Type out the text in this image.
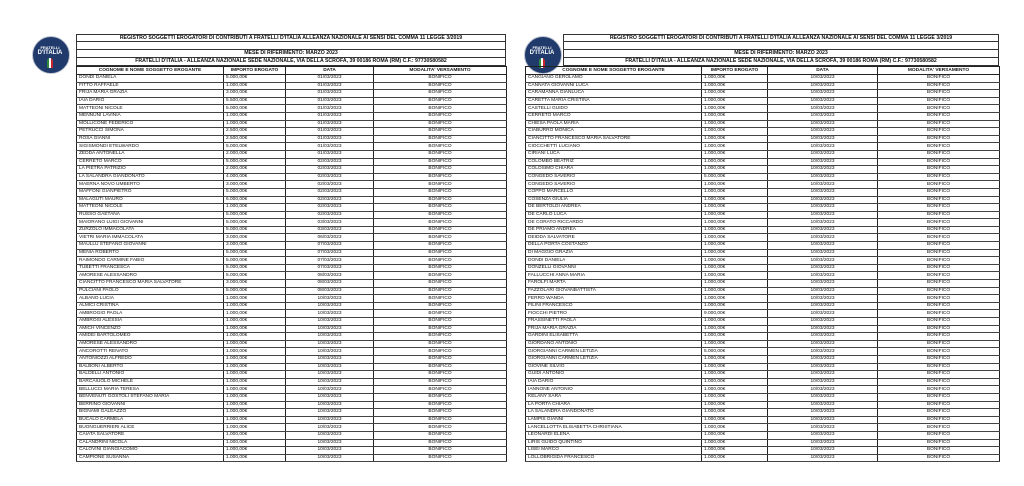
FRATELLI
D'ITALIA
REGISTRO SOGGETTI EROGATORI DI CONTRIBUTI A FRATELLI D'ITALIA ALLEANZA NAZIONALE AI SENSI DEL COMMA 11 LEGGE 3/2019
MESE DI RIFERIMENTO: MARZO 2023
FRATELLI D'ITALIA - ALLEANZA NAZIONALE SEDE NAZIONALE, VIA DELLA SCROFA, 39 00186 ROMA (RM) C.F.: 97730580582
COGNOME E NOME SOGGETTO EROGANTE	IMPORTO EROGATO	DATA	MODALITA' VERSAMENTO
DONDI DANIELA	5.000,00€	01/03/2023	BONIFICO
FITTO RAFFAELE	1.000,00€	01/03/2023	BONIFICO
FRIJA MARIA GRAZIA	3.000,00€	01/03/2023	BONIFICO
IAIA DARIO	5.500,00€	01/03/2023	BONIFICO
MATTEONI NICOLE	5.000,00€	01/03/2023	BONIFICO
MENNUNI LAVINIA	1.000,00€	01/03/2023	BONIFICO
MOLLICONE FEDERICO	1.000,00€	01/03/2023	BONIFICO
PETRUCCI SIMONA	2.500,00€	01/03/2023	BONIFICO
ROSA GIANNI	2.500,00€	01/03/2023	BONIFICO
SIGISMONDI ETELWARDO	5.000,00€	01/03/2023	BONIFICO
ZEDDA ANTONELLA	2.000,00€	01/03/2023	BONIFICO
CERRETO MARCO	5.000,00€	02/03/2023	BONIFICO
LA PIETRA PATRIZIO	2.000,00€	02/03/2023	BONIFICO
LA SALANDRA GIANDONATO	4.000,00€	02/03/2023	BONIFICO
MAERNA NOVO UMBERTO	3.000,00€	02/03/2023	BONIFICO
MAFFONI GIANPIETRO	5.000,00€	02/03/2023	BONIFICO
MALAGUTI MAURO	6.000,00€	02/03/2023	BONIFICO
MATTEONI NICOLE	1.000,00€	02/03/2023	BONIFICO
RUSSO GAETANA	5.000,00€	02/03/2023	BONIFICO
MAIORANO LUIGI GIOVANNI	5.000,00€	03/03/2023	BONIFICO
ZURZOLO IMMACOLATA	5.000,00€	03/03/2023	BONIFICO
VIETRI MARIA IMMACOLATA	3.000,00€	06/03/2023	BONIFICO
MAULLU STEFANO GIOVANNI	3.000,00€	07/03/2023	BONIFICO
MENIA ROBERTO	5.000,00€	07/03/2023	BONIFICO
RAIMONDO CARMINE FABIO	5.000,00€	07/03/2023	BONIFICO
TUBETTI FRANCESCA	5.000,00€	07/03/2023	BONIFICO
AMORESE ALESSANDRO	5.000,00€	08/03/2023	BONIFICO
CIANCITTO FRANCESCO MARIA SALVATORE	3.000,00€	08/03/2023	BONIFICO
PULCIANI PAOLO	5.000,00€	08/03/2023	BONIFICO
ALBANO LUCIA	1.000,00€	10/03/2023	BONIFICO
ALMICI CRISTINA	1.000,00€	10/03/2023	BONIFICO
AMBROGIO PAOLA	1.000,00€	10/03/2023	BONIFICO
AMBROSI ALESSIA	1.000,00€	10/03/2023	BONIFICO
AMICH VINCENZO	1.000,00€	10/03/2023	BONIFICO
AMIDEI BARTOLOMEO	1.000,00€	10/03/2023	BONIFICO
AMORESE ALESSANDRO	1.000,00€	10/03/2023	BONIFICO
ANCOROTTI RENATO	1.000,00€	10/03/2023	BONIFICO
ANTONIOZZI ALFREDO	1.000,00€	10/03/2023	BONIFICO
BALBONI ALBERTO	1.000,00€	10/03/2023	BONIFICO
BALDELLI ANTONIO	1.000,00€	10/03/2023	BONIFICO
BARCAIUOLO MICHELE	1.000,00€	10/03/2023	BONIFICO
BELLUCCI MARIA TERESA	1.000,00€	10/03/2023	BONIFICO
BENVENUTI GOSTOLI STEFANO MARIA	1.000,00€	10/03/2023	BONIFICO
BERRINO GIOVANNI	1.000,00€	10/03/2023	BONIFICO
BIGNAMI GALEAZZO	1.000,00€	10/03/2023	BONIFICO
BUCALO CARMELA	1.000,00€	10/03/2023	BONIFICO
BUONGUERRIERI ALICE	1.000,00€	10/03/2023	BONIFICO
CAIATA SALVATORE	1.000,00€	10/03/2023	BONIFICO
CALANDRINI NICOLA	1.000,00€	10/03/2023	BONIFICO
CALOVINI GIANGIACOMO	1.000,00€	10/03/2023	BONIFICO
CAMPIONE SUSANNA	1.000,00€	10/03/2023	BONIFICO
FRATELLI
D'ITALIA
REGISTRO SOGGETTI EROGATORI DI CONTRIBUTI A FRATELLI D'ITALIA ALLEANZA NAZIONALE AI SENSI DEL COMMA 11 LEGGE 3/2019
MESE DI RIFERIMENTO: MARZO 2023
FRATELLI D'ITALIA - ALLEANZA NAZIONALE SEDE NAZIONALE, VIA DELLA SCROFA, 39 00186 ROMA (RM) C.F.: 97730580582
COGNOME E NOME SOGGETTO EROGANTE	IMPORTO EROGATO	DATA	MODALITA' VERSAMENTO
CANGIANO GEROLAMO	1.000,00€	10/03/2023	BONIFICO
CANNATA GIOVANNI LUCA	1.000,00€	10/03/2023	BONIFICO
CARAMANNA GIANLUCA	1.000,00€	10/03/2023	BONIFICO
CARETTA MARIA CRISTINA	1.000,00€	10/03/2023	BONIFICO
CASTELLI GUIDO	1.000,00€	10/03/2023	BONIFICO
CERRETO MARCO	1.000,00€	10/03/2023	BONIFICO
CHIESA PAOLA MARIA	1.000,00€	10/03/2023	BONIFICO
CIABURRO MONICA	1.000,00€	10/03/2023	BONIFICO
CIANCITTO FRANCESCO MARIA SALVATORE	1.000,00€	10/03/2023	BONIFICO
CIOCCHETTI LUCIANO	1.000,00€	10/03/2023	BONIFICO
CIRIANI LUCA	1.000,00€	10/03/2023	BONIFICO
COLOMBO BEATRIZ	1.000,00€	10/03/2023	BONIFICO
COLOSIMO CHIARA	1.000,00€	10/03/2023	BONIFICO
CONGEDO SAVERIO	5.000,00€	10/03/2023	BONIFICO
CONGEDO SAVERIO	1.000,00€	10/03/2023	BONIFICO
COPPO MARCELLO	1.000,00€	10/03/2023	BONIFICO
COSENZA GIULIA	1.000,00€	10/03/2023	BONIFICO
DE BERTOLDI ANDREA	1.000,00€	10/03/2023	BONIFICO
DE CARLO LUCA	1.000,00€	10/03/2023	BONIFICO
DE CORATO RICCARDO	1.000,00€	10/03/2023	BONIFICO
DE PRIAMO ANDREA	1.000,00€	10/03/2023	BONIFICO
DEIDDA SALVATORE	1.000,00€	10/03/2023	BONIFICO
DELLA PORTA COSTANZO	1.000,00€	10/03/2023	BONIFICO
DI MAGGIO GRAZIA	1.000,00€	10/03/2023	BONIFICO
DONDI DANIELA	1.000,00€	10/03/2023	BONIFICO
DONZELLI GIOVANNI	1.000,00€	10/03/2023	BONIFICO
FALLUCCHI ANNA MARIA	1.000,00€	10/03/2023	BONIFICO
FAROLFI MARTA	1.000,00€	10/03/2023	BONIFICO
FAZZOLARI GIOVANBATTISTA	1.000,00€	10/03/2023	BONIFICO
FERRO WANDA	1.000,00€	10/03/2023	BONIFICO
FILINI FRANCESCO	1.000,00€	10/03/2023	BONIFICO
FIOCCHI PIETRO	9.000,00€	10/03/2023	BONIFICO
FRASSINETTI PAOLA	1.000,00€	10/03/2023	BONIFICO
FRIJA MARIA GRAZIA	1.000,00€	10/03/2023	BONIFICO
GARDINI ELISABETTA	1.000,00€	10/03/2023	BONIFICO
GIORDANO ANTONIO	1.000,00€	10/03/2023	BONIFICO
GIORGIANNI CARMEN LETIZIA	5.000,00€	10/03/2023	BONIFICO
GIORGIANNI CARMEN LETIZIA	1.000,00€	10/03/2023	BONIFICO
GIOVINE SILVIO	1.000,00€	10/03/2023	BONIFICO
GUIDI ANTONIO	1.000,00€	10/03/2023	BONIFICO
IAIA DARIO	1.000,00€	10/03/2023	BONIFICO
IANNONE ANTONIO	1.000,00€	10/03/2023	BONIFICO
KELANY SARA	1.000,00€	10/03/2023	BONIFICO
LA PORTA CHIARA	1.000,00€	10/03/2023	BONIFICO
LA SALANDRA GIANDONATO	1.000,00€	10/03/2023	BONIFICO
LAMPIS GIANNI	1.000,00€	10/03/2023	BONIFICO
LANCELLOTTA ELISABETTA CHRISTIANA	1.000,00€	10/03/2023	BONIFICO
LEONARDI ELENA	1.000,00€	10/03/2023	BONIFICO
LIRIS GUIDO QUINTINO	1.000,00€	10/03/2023	BONIFICO
LISEI MARCO	1.000,00€	10/03/2023	BONIFICO
LOLLOBRIGIDA FRANCESCO	1.000,00€	10/03/2023	BONIFICO
